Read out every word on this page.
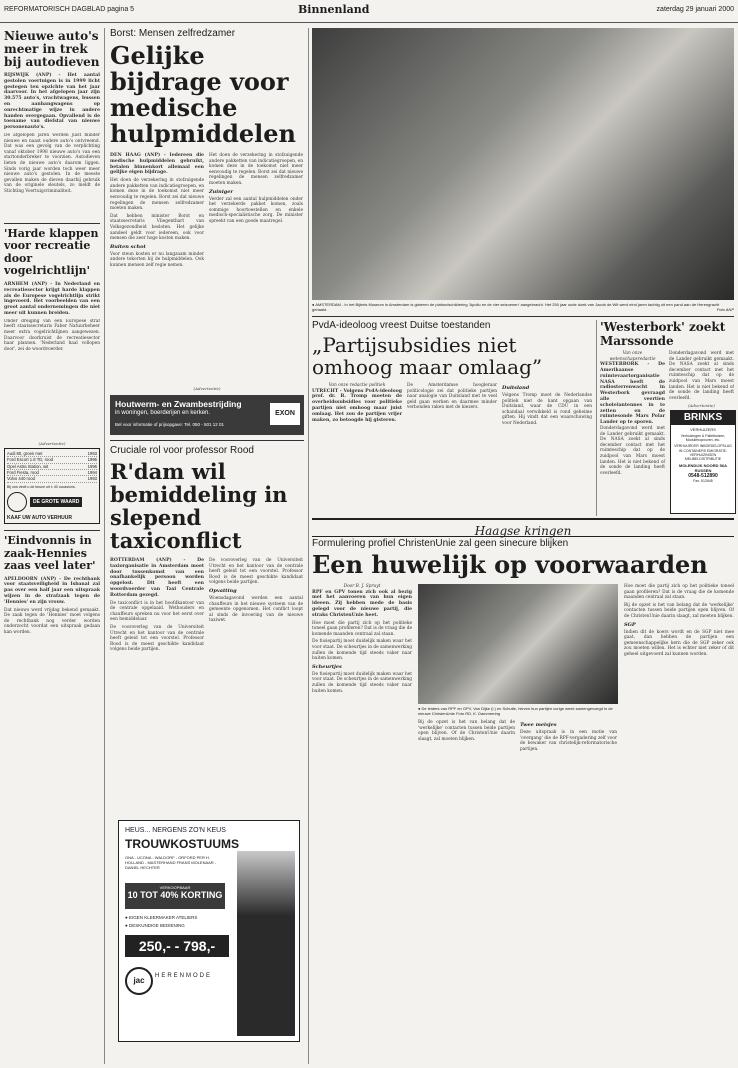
REFORMATORISCH DAGBLAD pagina 5	Binnenland	zaterdag 29 januari 2000
Nieuwe auto's meer in trek bij autodieven
RIJSWIJK (ANP) - Het aantal gestolen voertuigen is in 1999 licht gestegen ten opzichte van het jaar daarvoor. In het afgelopen jaar zijn 30.575 auto's, vrachtwagens, bussen en aanhangwagens op onrechtmatige wijze in andere handen overgegaan. Opvallend is de toename van diefstal van nieuwe personenauto's.
De afgelopen jaren werden juist minder nieuwe en naast oudere auto's ontvreemd. Dat was een gevolg van de verplichting vanaf oktober 1998 nieuwe auto's van een startonderbreker te voorzien. Autodieven lieten de nieuwe auto's daarom liggen. Sinds vorig jaar worden toch weer meer nieuwe auto's gestolen. In de meeste gevallen maken de dieven daarbij gebruik van de originele sleutels, zo meldt de Stichting Voertuigcriminaliteit.
'Harde klappen voor recreatie door vogelrichtlijn'
ARNHEM (ANP) - In Nederland en recreatiesector krijgt harde klappen als de Europese vogelrichtlijn strikt ingevoerd. Het voorbeelden van een groot aantal ondernemingen die niet meer uit kunnen breiden.
Onder dreiging van een Europese straf heeft staatssecretaris Faber Natuurbeheer meer extra vogelrichtlijnen aangewezen. Daarvoor doorkruist de recreatiesector haar plannen. 'Nederland haal vollopen door', zei de woordvoerder.
(Advertentie)
Audi 80, groen met	1993
Ford Escort 1.8 TD, rood	1996
Opel Astra Station, wit	1996
Ford Fiesta, rood	1994
Volvo 440 rood	1993
Bij ons vindt u de keuze uit ± 40 occasions.
DE GROTE WAARD
KAAF UW AUTO VERHUUR
'Eindvonnis in zaak-Hennies zaas veel later'
APELDOORN (ANP) - De rechtbank voor staatsveiligheid in Isbanal zal pas over een half jaar een uitspraak wijzen in de strafzaak tegen de 'Hennies' en zijn vrouw.
Dat nieuws werd vrijdag bekend gemaakt. De zaak tegen de 'Hennies' moet volgens de rechtbank nog verder worden onderzocht voordat een uitspraak gedaan kan worden.
Borst: Mensen zelfredzamer
Gelijke bijdrage voor medische hulpmiddelen
DEN HAAG (ANP) - Iedereen die medische hulpmiddelen gebruikt, betalen binnenkort allemaal een gelijke eigen bijdrage.
Het doen de verzekering in stofzuigende andere pakketten van indicatiegroepen, en komen deze in de toekomst niet meer eenvoudig te regelen. Borst zei dat nieuwe regelingen de mensen zelfredzamer moeten maken.
Dat hebben minister Borst en staatssecretaris Vliegenthart van Volksgezondheid besloten. Het gelijke aandeel geldt voor iedereen, ook voor mensen die zeer hoge kosten maken.
Buiten schot
Voor steun kosten er nu langzaam minder andere tekorten bij de hulpmiddelen. Ook kunnen mensen zelf regie nemen.
Het doen de verzekering in stofzuigende andere pakketten van indicatiegroepen, en komen deze in de toekomst niet meer eenvoudig te regelen. Borst zei dat nieuwe regelingen de mensen zelfredzamer moeten maken.
Zuiniger
Verder zal een aantal hulpmiddelen onder het verzekerde pakket komen, zoals sommige hoortoestellen en enkele medisch-specialistische zorg. De minister spreekt van een goede maatregel.
(Advertentie)
Houtwerm- en Zwambestrijding
in woningen, boerderijen en kerken.
Bel voor informatie of prijsopgave: Tel. 050 - 501 12 01
EXON
Cruciale rol voor professor Rood
R'dam wil bemiddeling in slepend taxiconflict
ROTTERDAM (ANP) - De taxiorganisatie in Amsterdam moet door tussenkomst van een onafhankelijk persoon worden opgelost. Dit heeft een woordvoerder van Taxi Centrale Rotterdam gezegd.
De taxiconflict is in het hoofdkantoor van de centrale opgelaaid. Wethouders en chauffeurs spreken nu voor het eerst over een bemiddelaar.
De vooroverleg van de Universiteit Utrecht en het kantoor van de centrale heeft geleid tot een voorstel. Professor Rood is de meest geschikte kandidaat volgens beide partijen.
De vooroverleg van de Universiteit Utrecht en het kantoor van de centrale heeft geleid tot een voorstel. Professor Rood is de meest geschikte kandidaat volgens beide partijen.
Opvatting
Woensdagavond werden een aantal chauffeurs in het nieuwe systeem van de gemeente opgenomen. Het conflict loopt al sinds de invoering van de nieuwe taxiwet.
HEUS... NERGENS ZO'N KEUS
TROUWKOSTUUMS
ONA - UCONA - WALDORF - ORFORD PER H. HOLLAND - MASTERHAND FRANS MOLENAAR - DANIEL HECHTER
VERKOOPBAAR
10 TOT 40% KORTING
● EIGEN KLEERMAKER ATELIERS
● DESKUNDIGE BEDIENING
250,- - 798,-
jac	HERENMODE
● AMSTERDAM - In het Bijbels Museum in Amsterdam is gisteren de plafondschildering 'Apollo en de vier seizoenen' aangebracht. Het 250 jaar oude doek van Jacob de Wit werd eind jaren tachtig uit een pand aan de Herengracht gehaald.	Foto ANP
PvdA-ideoloog vreest Duitse toestanden
„Partijsubsidies niet omhoog maar omlaag”
Van onze redactie politiek
UTRECHT - Volgens PvdA-ideoloog prof. dr. B. Tromp moeten de overheidssubsidies voor politieke partijen niet omhoog maar juist omlaag. Het zou de partijen vrijer maken, zo betoogde hij gisteren.
De Amsterdamse hoogleraar politicologie zei dat politieke partijen naar analogie van Duitsland met te veel geld gaan werken en daarmee minder verbonden raken met de kiezers.
Duitsland
Volgens Tromp moet de Nederlandse politiek niet de kant opgaan van Duitsland, waar de CDU in een schandaal verwikkeld is rond geheime giften. Hij vindt dat een waarschuwing voor Nederland.
'Westerbork' zoekt Marssonde
Van onze wetenschapsredactie
WESTERBORK - De Amerikaanse ruimtevaartorganisatie NASA heeft de radiosterrenwacht in Westerbork gevraagd alle veertien schotelantennes in te zetten en de ruimtesonde Mars Polar Lander op te sporen.
Donderdagavond werd met de Lander gebruikt gemaakt. De NASA zoekt al sinds december contact met het ruimteschip dat op de zuidpool van Mars moest landen. Het is niet bekend of de sonde de landing heeft overleefd.
Donderdagavond werd met de Lander gebruikt gemaakt. De NASA zoekt al sinds december contact met het ruimteschip dat op de zuidpool van Mars moest landen. Het is niet bekend of de sonde de landing heeft overleefd.
(Advertentie)
BRINKS
VERHUIZERS
Verhuizingen & Pallethuizen, Modulehopnoven, etc.
VERHUURDER INBOEDELOPSLAG IN CONTAINERS EMIGRATIE-VERHUIZINGEN MEUBELDISTRIBUTIE
MOLENDIJK NOORD 56A RUSSEN
0548-512890
Fax. 512645
Haagse kringen
Formulering profiel ChristenUnie zal geen sinecure blijken
Een huwelijk op voorwaarden
Door B. J. Spruyt
RPF en GPV tonen zich ook al bezig met het aanvoeren van hun eigen ideeen. Zij hebben mede de basis gelegd voor de nieuwe partij, die straks ChristenUnie heet.
Hoe moet die partij zich op het politieke toneel gaan profileren? Dat is de vraag die de komende maanden centraal zal staan.
De fusiepartij moet duidelijk maken waar het voor staat. De scheurtjes in de samenwerking zullen de komende tijd steeds vaker naar buiten komen.
Scheurtjes
De fusiepartij moet duidelijk maken waar het voor staat. De scheurtjes in de samenwerking zullen de komende tijd steeds vaker naar buiten komen.
● De leiders van RPF en GPV, Van Dijke (l.) en Schutte, hieven hun partijen vorige week samengevoegd in de nieuwe ChristenUnie Foto RD, K. Dammerring
Bij de opzet is het van belang dat de 'werkelijke' contacten tussen beide partijen open blijven. Of de ChristenUnie daarin slaagt, zal moeten blijken.
Twee meisjes
Deze uitspraak is in een motie van 'overgang' die de RPF-vergadering zelf voor de bewaker van christelijk-reformatorische partijen.
Hoe moet die partij zich op het politieke toneel gaan profileren? Dat is de vraag die de komende maanden centraal zal staan.
Bij de opzet is het van belang dat de 'werkelijke' contacten tussen beide partijen open blijven. Of de ChristenUnie daarin slaagt, zal moeten blijken.
SGP
Indien dit de koers wordt en de SGP niet mee gaat, dan hebben de partijen een gemeenschappelijke kern die de SGP zeker ook zou moeten willen. Het is echter niet zeker of dit geheel uitgevoerd zal kunnen worden.
